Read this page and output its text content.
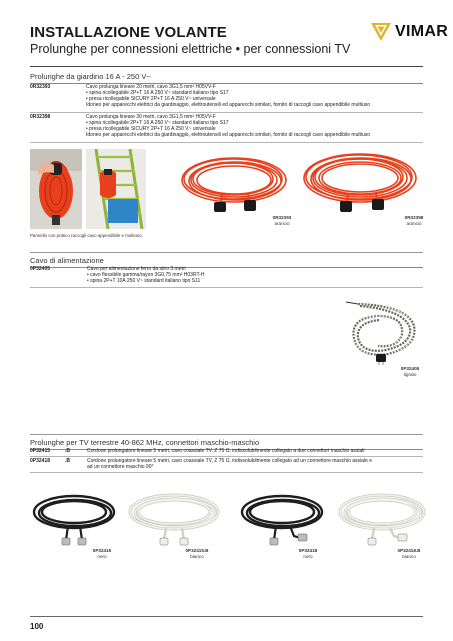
INSTALLAZIONE VOLANTE
Prolunghe per connessioni elettriche • per connessioni TV
VIMAR
Prolunghe da giardino 16 A - 250 V~
0R32393	Cavo prolunga lineare 20 metri, cavo 3G1,5 mm² H05VV-F

• spina ricollegabile 2P+T 16 A 250 V~ standard italiano tipo S17

• presa ricollegabile SICURY 2P+T 16 A 250 V~ universale

Idoneo per apparecchi elettrici da giardinaggio, elettroutensili ed apparecchi similari, fornito di raccogli cavo appendibile multiuso

0R32398	Cavo prolunga lineare 30 metri, cavo 3G1,5 mm² H05VV-F

• spina ricollegabile 2P+T 16 A 250 V~ standard italiano tipo S17

• presa ricollegabile SICURY 2P+T 16 A 250 V~ universale

Idoneo per apparecchi elettrici da giardinaggio, elettroutensili ed apparecchi similari, fornito di raccogli cavo appendibile multiuso

Pannello con pratico raccogli cavo appendibile e multiuso.
0R32393
arancio
0R32398
arancio
Cavo di alimentazione
0P32405	Cavo per alimentazione ferro da stiro 3 metri

• cavo flessibile gamma/rayon 3G0,75 mm² H03RT-H

• spina 2P+T 10A 250 V~ standard italiano tipo S11

0P32405
tigrato
Prolunghe per TV terrestre 40-862 MHz, connettori maschio-maschio
0P32415	.B	Cordone prolungatore lineare 5 metri, cavo coassiale TV, Z 75 Ω, indissolubilmente collegato a due connettori maschio assiali

0P32418	.B	Cordone prolungatore lineare 5 metri, cavo coassiale TV, Z 75 Ω, indissolubilmente collegato ad un connettore maschio assiale e

ad un connettore maschio 90°

0P32415
nero
0P32415.B
bianco
0P32418
nero
0P32418.B
bianco
100
